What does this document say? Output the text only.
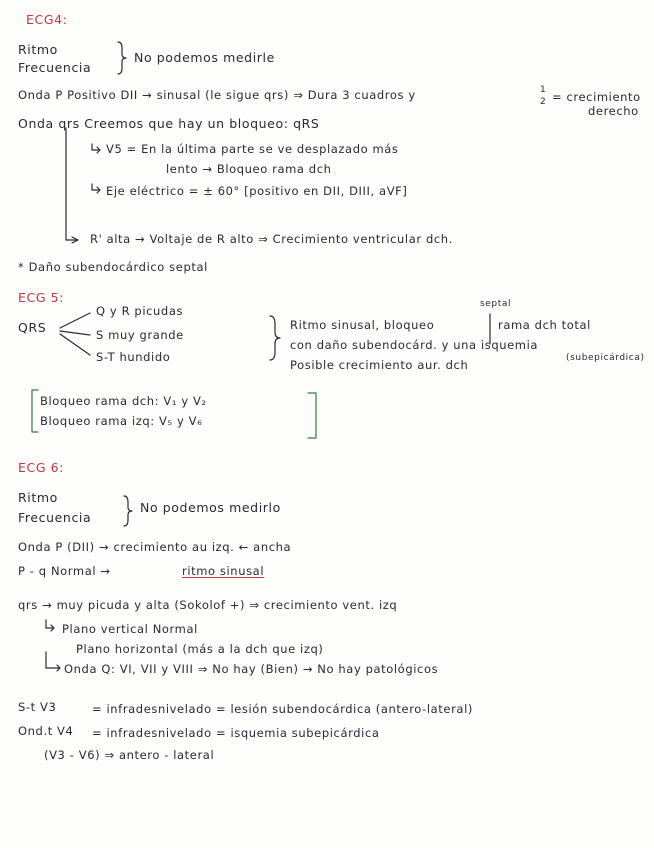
ECG4:
Ritmo
Frecuencia
No podemos medirle
Onda P Positivo DII → sinusal (le sigue qrs) ⇒ Dura 3 cuadros y	1
2 = crecimiento
derecho
Onda qrs Creemos que hay un bloqueo: qRS
V5 = En la última parte se ve desplazado más
lento → Bloqueo rama dch
Eje eléctrico = ± 60° [positivo en DII, DIII, aVF]
R' alta → Voltaje de R alto ⇒ Crecimiento ventricular dch.
* Daño subendocárdico septal
ECG 5:
QRS
Q y R picudas
S muy grande
S-T hundido
septal
Ritmo sinusal, bloqueo	rama dch total
con daño subendocárd. y una isquemia
(subepicárdica)
Posible crecimiento aur. dch
Bloqueo rama dch: V₁ y V₂
Bloqueo rama izq: V₅ y V₆
ECG 6:
Ritmo
Frecuencia
No podemos medirlo
Onda P (DII) → crecimiento au izq. ← ancha
P - q Normal →	ritmo sinusal
qrs → muy picuda y alta (Sokolof +) ⇒ crecimiento vent. izq
Plano vertical Normal
Plano horizontal (más a la dch que izq)
Onda Q: VI, VII y VIII ⇒ No hay (Bien) → No hay patológicos
S-t V3	= infradesnivelado = lesión subendocárdica (antero-lateral)
Ond.t V4 = infradesnivelado = isquemia subepicárdica
(V3 - V6) ⇒ antero - lateral
